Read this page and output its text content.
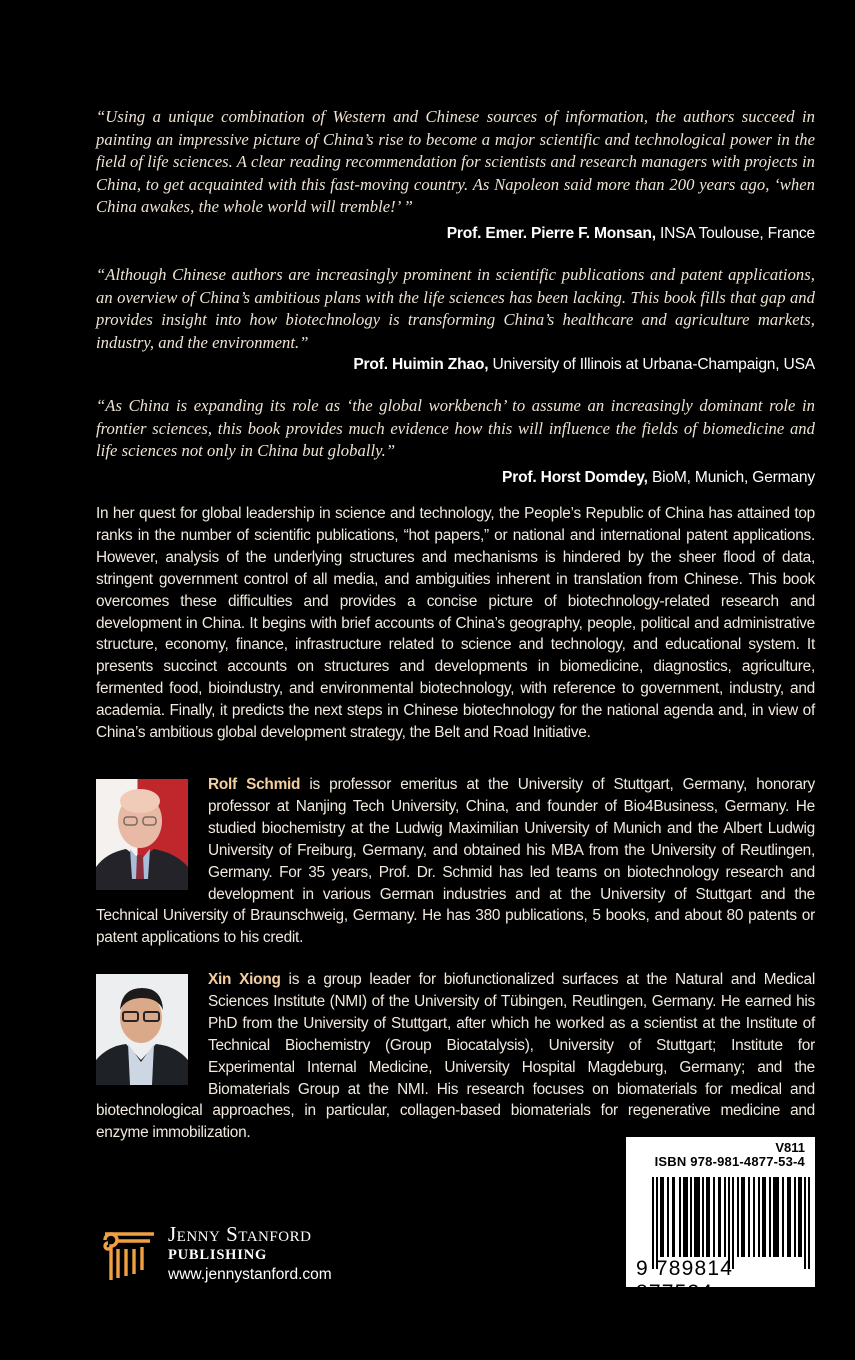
“Using a unique combination of Western and Chinese sources of information, the authors succeed in painting an impressive picture of China’s rise to become a major scientific and technological power in the field of life sciences. A clear reading recommendation for scientists and research managers with projects in China, to get acquainted with this fast-moving country. As Napoleon said more than 200 years ago, ‘when China awakes, the whole world will tremble!’ ”
Prof. Emer. Pierre F. Monsan, INSA Toulouse, France
“Although Chinese authors are increasingly prominent in scientific publications and patent applications, an overview of China’s ambitious plans with the life sciences has been lacking. This book fills that gap and provides insight into how biotechnology is transforming China’s healthcare and agriculture markets, industry, and the environment.”
Prof. Huimin Zhao, University of Illinois at Urbana-Champaign, USA
“As China is expanding its role as ‘the global workbench’ to assume an increasingly dominant role in frontier sciences, this book provides much evidence how this will influence the fields of biomedicine and life sciences not only in China but globally.”
Prof. Horst Domdey, BioM, Munich, Germany
In her quest for global leadership in science and technology, the People’s Republic of China has attained top ranks in the number of scientific publications, “hot papers,” or national and international patent applications. However, analysis of the underlying structures and mechanisms is hindered by the sheer flood of data, stringent government control of all media, and ambiguities inherent in translation from Chinese. This book overcomes these difficulties and provides a concise picture of biotechnology-related research and development in China. It begins with brief accounts of China’s geography, people, political and administrative structure, economy, finance, infrastructure related to science and technology, and educational system. It presents succinct accounts on structures and developments in biomedicine, diagnostics, agriculture, fermented food, bioindustry, and environmental biotechnology, with reference to government, industry, and academia. Finally, it predicts the next steps in Chinese biotechnology for the national agenda and, in view of China’s ambitious global development strategy, the Belt and Road Initiative.
Rolf Schmid is professor emeritus at the University of Stuttgart, Germany, honorary professor at Nanjing Tech University, China, and founder of Bio4Business, Germany. He studied biochemistry at the Ludwig Maximilian University of Munich and the Albert Ludwig University of Freiburg, Germany, and obtained his MBA from the University of Reutlingen, Germany. For 35 years, Prof. Dr. Schmid has led teams on biotechnology research and development in various German industries and at the University of Stuttgart and the Technical University of Braunschweig, Germany. He has 380 publications, 5 books, and about 80 patents or patent applications to his credit.
Xin Xiong is a group leader for biofunctionalized surfaces at the Natural and Medical Sciences Institute (NMI) of the University of Tübingen, Reutlingen, Germany. He earned his PhD from the University of Stuttgart, after which he worked as a scientist at the Institute of Technical Biochemistry (Group Biocatalysis), University of Stuttgart; Institute for Experimental Internal Medicine, University Hospital Magdeburg, Germany; and the Biomaterials Group at the NMI. His research focuses on biomaterials for medical and biotechnological approaches, in particular, collagen-based biomaterials for regenerative medicine and enzyme immobilization.
V811
ISBN 978-981-4877-53-4
9 789814 877534
Jenny Stanford
PUBLISHING
www.jennystanford.com
